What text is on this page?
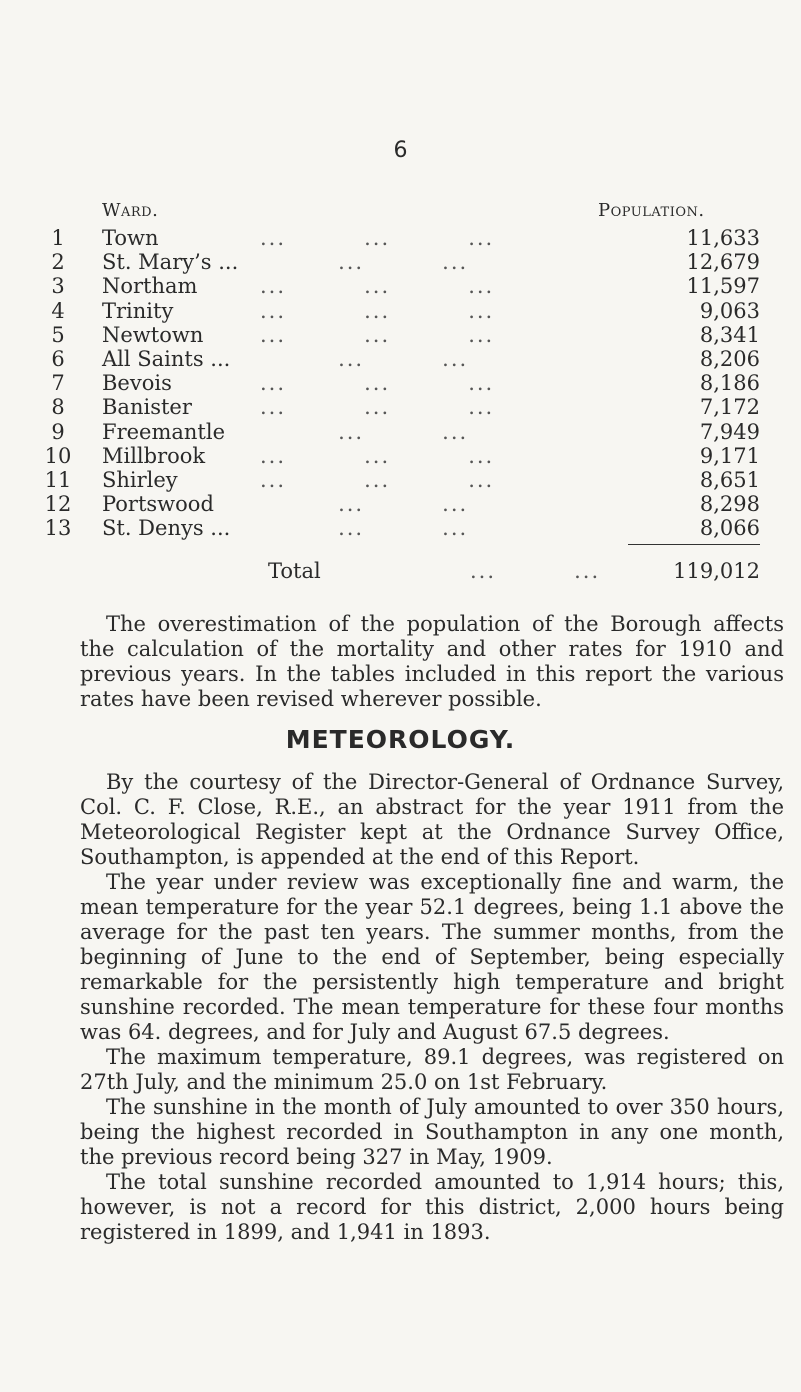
6
Ward.	Population.
1	Town	...         ...         ...	11,633
2	St. Mary’s ... ...         ...	12,679
3	Northam	...         ...         ...	11,597
4	Trinity	...         ...         ...	9,063
5	Newtown	...         ...         ...	8,341
6	All Saints ... ...         ...	8,206
7	Bevois	...         ...         ...	8,186
8	Banister	...         ...         ...	7,172
9	Freemantle ...         ...	7,949
10 Millbrook	...         ...         ...	9,171
11 Shirley	...         ...         ...	8,651
12 Portswood ...         ...	8,298
13 St. Denys ... ...         ...	8,066
Total	...         ...	119,012

The overestimation of the population of the Borough affects the calculation of the mortality and other rates for 1910 and previous years. In the tables included in this report the various rates have been revised wherever possible.

METEOROLOGY.

By the courtesy of the Director-General of Ordnance Survey, Col. C. F. Close, R.E., an abstract for the year 1911 from the Meteorological Register kept at the Ordnance Survey Office, Southampton, is appended at the end of this Report.

The year under review was exceptionally fine and warm, the mean temperature for the year 52.1 degrees, being 1.1 above the average for the past ten years. The summer months, from the beginning of June to the end of September, being especially remarkable for the persistently high temperature and bright sunshine recorded. The mean temperature for these four months was 64. degrees, and for July and August 67.5 degrees.

The maximum temperature, 89.1 degrees, was registered on 27th July, and the minimum 25.0 on 1st February.

The sunshine in the month of July amounted to over 350 hours, being the highest recorded in Southampton in any one month, the previous record being 327 in May, 1909.

The total sunshine recorded amounted to 1,914 hours; this, however, is not a record for this district, 2,000 hours being registered in 1899, and 1,941 in 1893.
